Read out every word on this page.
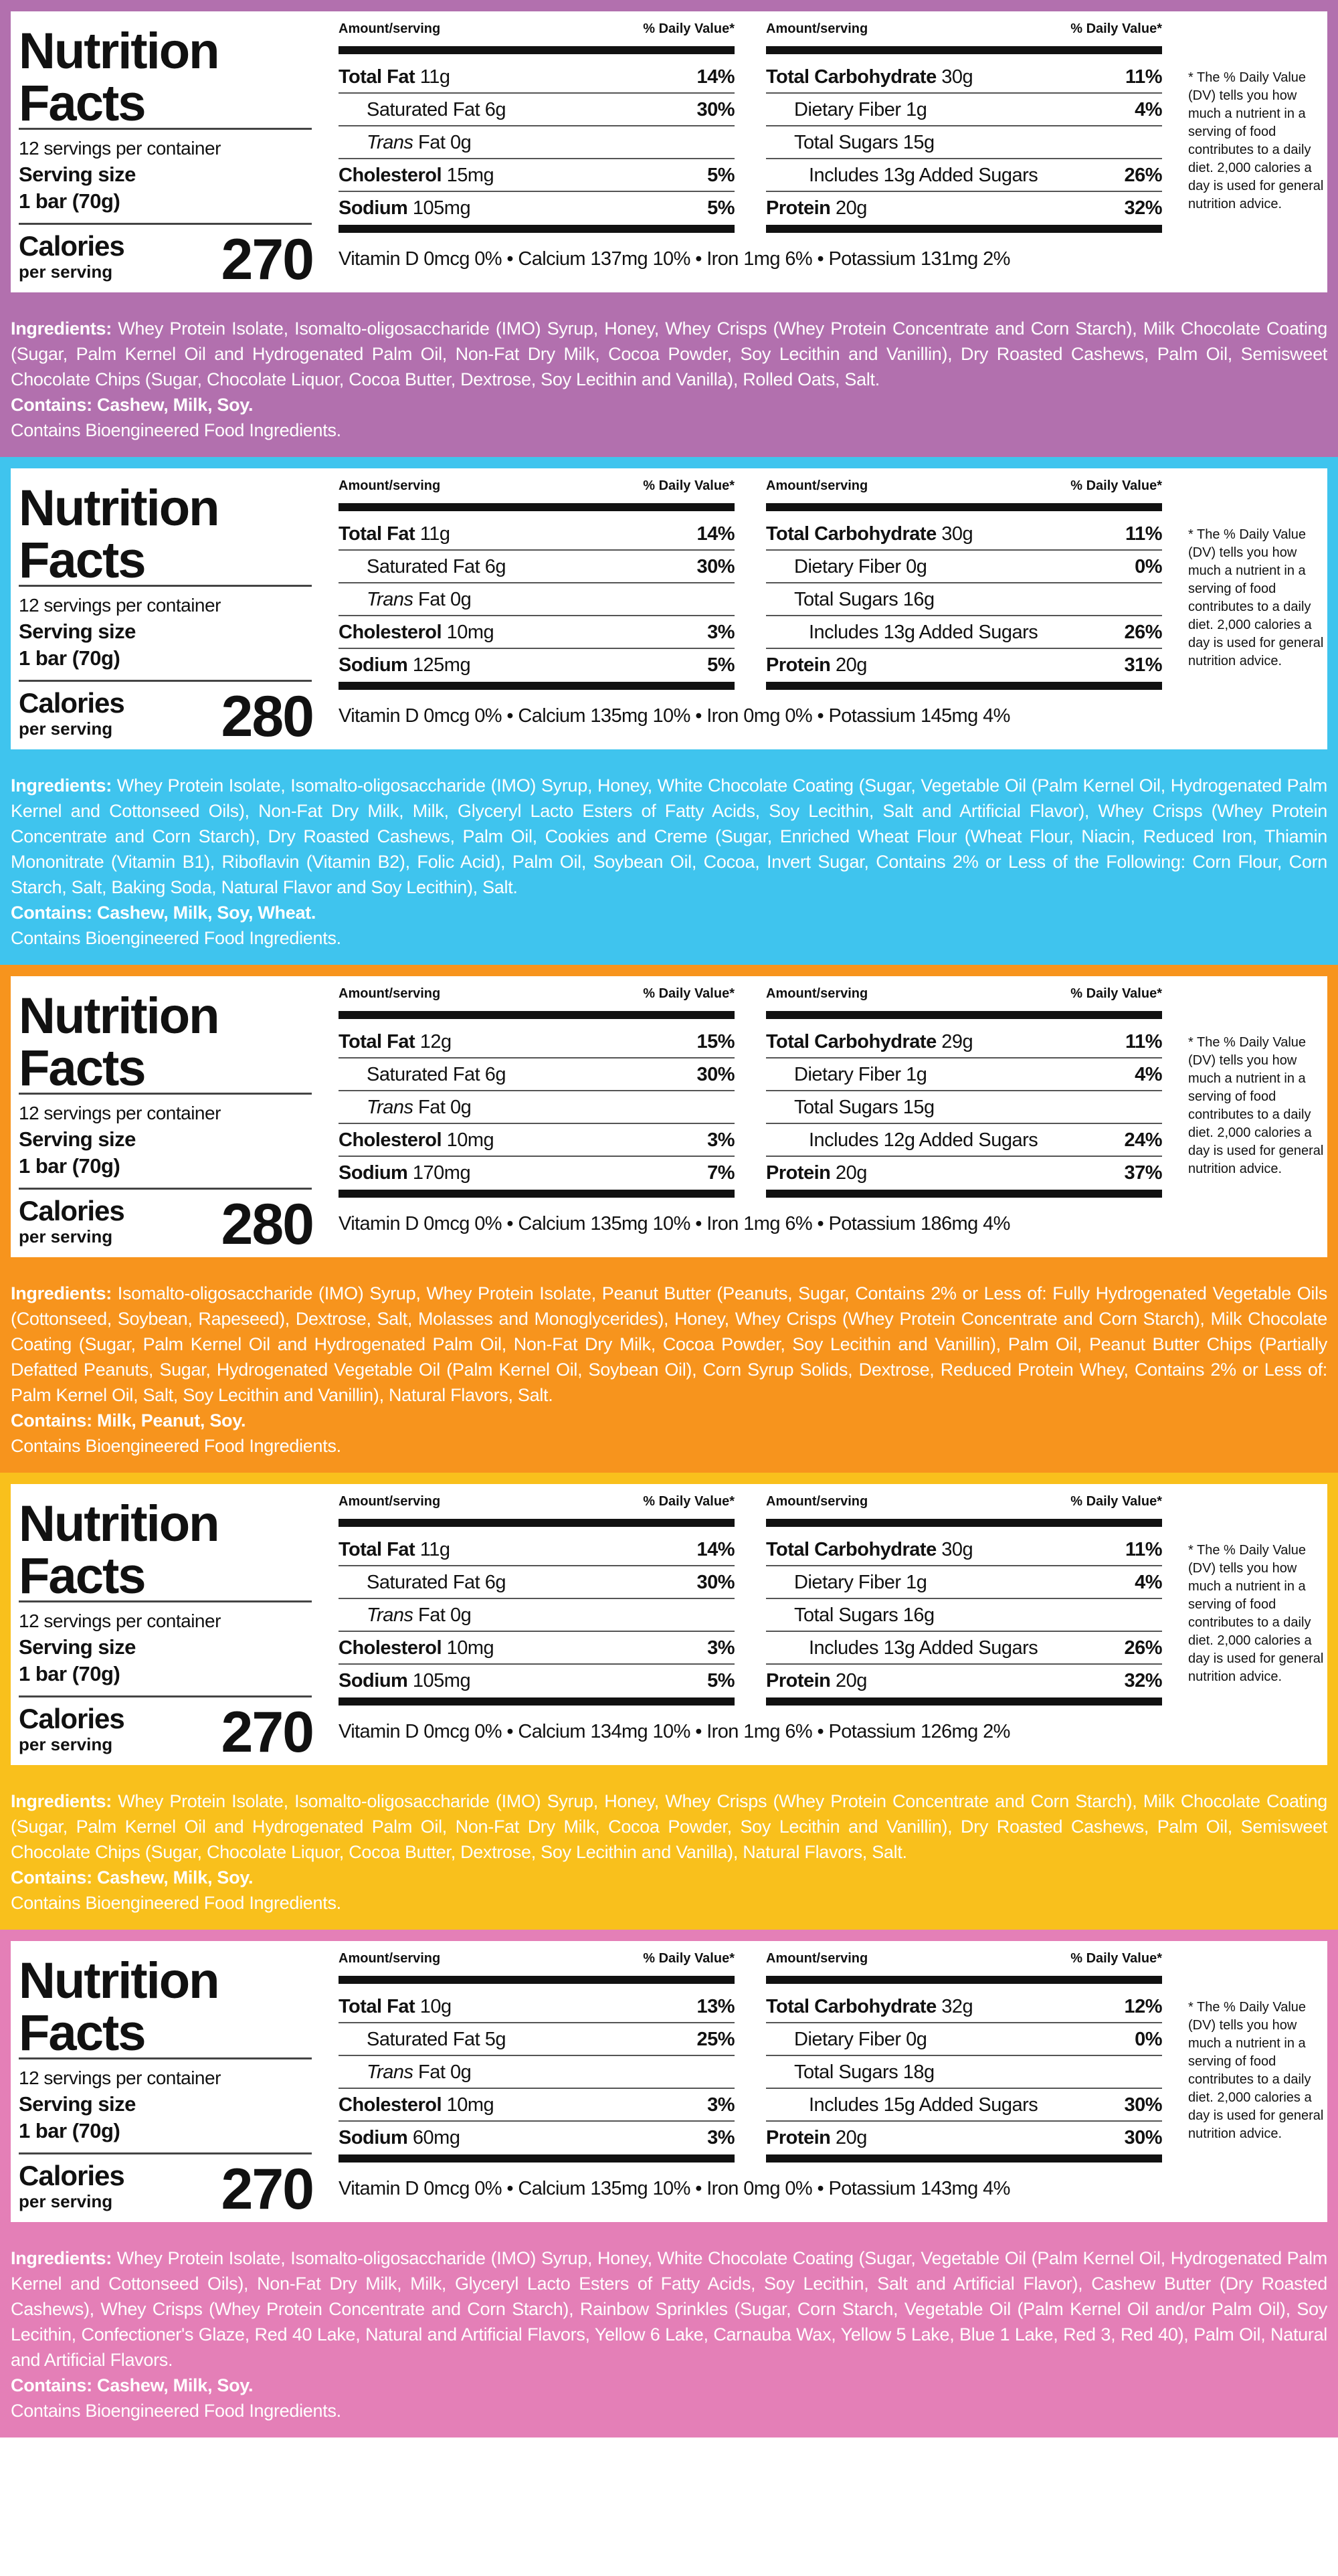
Nutrition
Facts
12 servings per container
Serving size
1 bar (70g)
Calories
per serving 270
Amount/serving	% Daily Value*
Total Fat 11g	14%
Saturated Fat 6g	30%
Trans Fat 0g
Cholesterol 15mg	5%
Sodium 105mg	5%
Amount/serving	% Daily Value*
Total Carbohydrate 30g	11%
Dietary Fiber 1g	4%
Total Sugars 15g
Includes 13g Added Sugars	26%
Protein 20g	32%
Vitamin D 0mcg 0% • Calcium 137mg 10% • Iron 1mg 6% • Potassium 131mg 2%
* The % Daily Value (DV) tells you how much a nutrient in a serving of food contributes to a daily diet. 2,000 calories a day is used for general nutrition advice.
Ingredients: Whey Protein Isolate, Isomalto-oligosaccharide (IMO) Syrup, Honey, Whey Crisps (Whey Protein Concentrate and Corn Starch), Milk Chocolate Coating (Sugar, Palm Kernel Oil and Hydrogenated Palm Oil, Non-Fat Dry Milk, Cocoa Powder, Soy Lecithin and Vanillin), Dry Roasted Cashews, Palm Oil, Semisweet Chocolate Chips (Sugar, Chocolate Liquor, Cocoa Butter, Dextrose, Soy Lecithin and Vanilla), Rolled Oats, Salt.
Contains: Cashew, Milk, Soy.
Contains Bioengineered Food Ingredients.
Nutrition
Facts
12 servings per container
Serving size
1 bar (70g)
Calories
per serving 280
Amount/serving	% Daily Value*
Total Fat 11g	14%
Saturated Fat 6g	30%
Trans Fat 0g
Cholesterol 10mg	3%
Sodium 125mg	5%
Amount/serving	% Daily Value*
Total Carbohydrate 30g	11%
Dietary Fiber 0g	0%
Total Sugars 16g
Includes 13g Added Sugars	26%
Protein 20g	31%
Vitamin D 0mcg 0% • Calcium 135mg 10% • Iron 0mg 0% • Potassium 145mg 4%
* The % Daily Value (DV) tells you how much a nutrient in a serving of food contributes to a daily diet. 2,000 calories a day is used for general nutrition advice.
Ingredients: Whey Protein Isolate, Isomalto-oligosaccharide (IMO) Syrup, Honey, White Chocolate Coating (Sugar, Vegetable Oil (Palm Kernel Oil, Hydrogenated Palm Kernel and Cottonseed Oils), Non-Fat Dry Milk, Milk, Glyceryl Lacto Esters of Fatty Acids, Soy Lecithin, Salt and Artificial Flavor), Whey Crisps (Whey Protein Concentrate and Corn Starch), Dry Roasted Cashews, Palm Oil, Cookies and Creme (Sugar, Enriched Wheat Flour (Wheat Flour, Niacin, Reduced Iron, Thiamin Mononitrate (Vitamin B1), Riboflavin (Vitamin B2), Folic Acid), Palm Oil, Soybean Oil, Cocoa, Invert Sugar, Contains 2% or Less of the Following: Corn Flour, Corn Starch, Salt, Baking Soda, Natural Flavor and Soy Lecithin), Salt.
Contains: Cashew, Milk, Soy, Wheat.
Contains Bioengineered Food Ingredients.
Nutrition
Facts
12 servings per container
Serving size
1 bar (70g)
Calories
per serving 280
Amount/serving	% Daily Value*
Total Fat 12g	15%
Saturated Fat 6g	30%
Trans Fat 0g
Cholesterol 10mg	3%
Sodium 170mg	7%
Amount/serving	% Daily Value*
Total Carbohydrate 29g	11%
Dietary Fiber 1g	4%
Total Sugars 15g
Includes 12g Added Sugars	24%
Protein 20g	37%
Vitamin D 0mcg 0% • Calcium 135mg 10% • Iron 1mg 6% • Potassium 186mg 4%
* The % Daily Value (DV) tells you how much a nutrient in a serving of food contributes to a daily diet. 2,000 calories a day is used for general nutrition advice.
Ingredients: Isomalto-oligosaccharide (IMO) Syrup, Whey Protein Isolate, Peanut Butter (Peanuts, Sugar, Contains 2% or Less of: Fully Hydrogenated Vegetable Oils (Cottonseed, Soybean, Rapeseed), Dextrose, Salt, Molasses and Monoglycerides), Honey, Whey Crisps (Whey Protein Concentrate and Corn Starch), Milk Chocolate Coating (Sugar, Palm Kernel Oil and Hydrogenated Palm Oil, Non-Fat Dry Milk, Cocoa Powder, Soy Lecithin and Vanillin), Palm Oil, Peanut Butter Chips (Partially Defatted Peanuts, Sugar, Hydrogenated Vegetable Oil (Palm Kernel Oil, Soybean Oil), Corn Syrup Solids, Dextrose, Reduced Protein Whey, Contains 2% or Less of: Palm Kernel Oil, Salt, Soy Lecithin and Vanillin), Natural Flavors, Salt.
Contains: Milk, Peanut, Soy.
Contains Bioengineered Food Ingredients.
Nutrition
Facts
12 servings per container
Serving size
1 bar (70g)
Calories
per serving 270
Amount/serving	% Daily Value*
Total Fat 11g	14%
Saturated Fat 6g	30%
Trans Fat 0g
Cholesterol 10mg	3%
Sodium 105mg	5%
Amount/serving	% Daily Value*
Total Carbohydrate 30g	11%
Dietary Fiber 1g	4%
Total Sugars 16g
Includes 13g Added Sugars	26%
Protein 20g	32%
Vitamin D 0mcg 0% • Calcium 134mg 10% • Iron 1mg 6% • Potassium 126mg 2%
* The % Daily Value (DV) tells you how much a nutrient in a serving of food contributes to a daily diet. 2,000 calories a day is used for general nutrition advice.
Ingredients: Whey Protein Isolate, Isomalto-oligosaccharide (IMO) Syrup, Honey, Whey Crisps (Whey Protein Concentrate and Corn Starch), Milk Chocolate Coating (Sugar, Palm Kernel Oil and Hydrogenated Palm Oil, Non-Fat Dry Milk, Cocoa Powder, Soy Lecithin and Vanillin), Dry Roasted Cashews, Palm Oil, Semisweet Chocolate Chips (Sugar, Chocolate Liquor, Cocoa Butter, Dextrose, Soy Lecithin and Vanilla), Natural Flavors, Salt.
Contains: Cashew, Milk, Soy.
Contains Bioengineered Food Ingredients.
Nutrition
Facts
12 servings per container
Serving size
1 bar (70g)
Calories
per serving 270
Amount/serving	% Daily Value*
Total Fat 10g	13%
Saturated Fat 5g	25%
Trans Fat 0g
Cholesterol 10mg	3%
Sodium 60mg	3%
Amount/serving	% Daily Value*
Total Carbohydrate 32g	12%
Dietary Fiber 0g	0%
Total Sugars 18g
Includes 15g Added Sugars	30%
Protein 20g	30%
Vitamin D 0mcg 0% • Calcium 135mg 10% • Iron 0mg 0% • Potassium 143mg 4%
* The % Daily Value (DV) tells you how much a nutrient in a serving of food contributes to a daily diet. 2,000 calories a day is used for general nutrition advice.
Ingredients: Whey Protein Isolate, Isomalto-oligosaccharide (IMO) Syrup, Honey, White Chocolate Coating (Sugar, Vegetable Oil (Palm Kernel Oil, Hydrogenated Palm Kernel and Cottonseed Oils), Non-Fat Dry Milk, Milk, Glyceryl Lacto Esters of Fatty Acids, Soy Lecithin, Salt and Artificial Flavor), Cashew Butter (Dry Roasted Cashews), Whey Crisps (Whey Protein Concentrate and Corn Starch), Rainbow Sprinkles (Sugar, Corn Starch, Vegetable Oil (Palm Kernel Oil and/or Palm Oil), Soy Lecithin, Confectioner's Glaze, Red 40 Lake, Natural and Artificial Flavors, Yellow 6 Lake, Carnauba Wax, Yellow 5 Lake, Blue 1 Lake, Red 3, Red 40), Palm Oil, Natural and Artificial Flavors.
Contains: Cashew, Milk, Soy.
Contains Bioengineered Food Ingredients.
